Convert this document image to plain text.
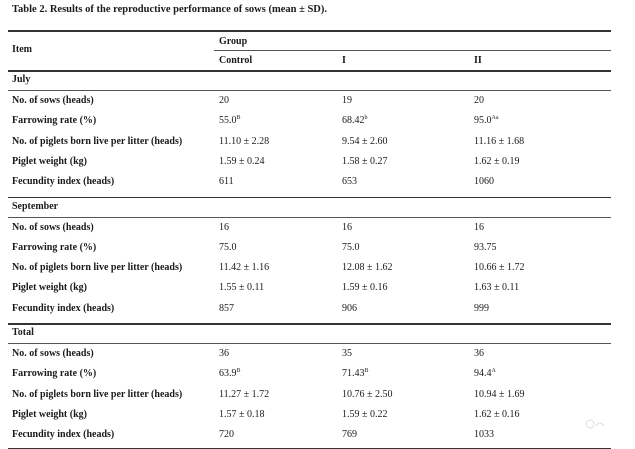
Table 2. Results of the reproductive performance of sows (mean ± SD).
Item
Group
Control	I	II
July
No. of sows (heads)	20	19	20
Farrowing rate (%)	$55.0^B$	68.42$^b$	$95.0^{Aa}$
No. of piglets born live per litter (heads)	11.10 ± 2.28	9.54 ± 2.60	11.16 ± 1.68
Piglet weight (kg)	1.59 ± 0.24	1.58 ± 0.27	1.62 ± 0.19
Fecundity index (heads)	611	653	1060
September
No. of sows (heads)	16	16	16
Farrowing rate (%)	75.0	75.0	93.75
No. of piglets born live per litter (heads)	11.42 ± 1.16	12.08 ± 1.62	10.66 ± 1.72
Piglet weight (kg)	1.55 ± 0.11	1.59 ± 0.16	1.63 ± 0.11
Fecundity index (heads)	857	906	999
Total
No. of sows (heads)	36	35	36
Farrowing rate (%)	$63.9^B$	$71.43^B$	$94.4^A$
No. of piglets born live per litter (heads)	11.27 ± 1.72	10.76 ± 2.50	10.94 ± 1.69
Piglet weight (kg)	1.57 ± 0.18	1.59 ± 0.22	1.62 ± 0.16
Fecundity index (heads)	720	769	1033
